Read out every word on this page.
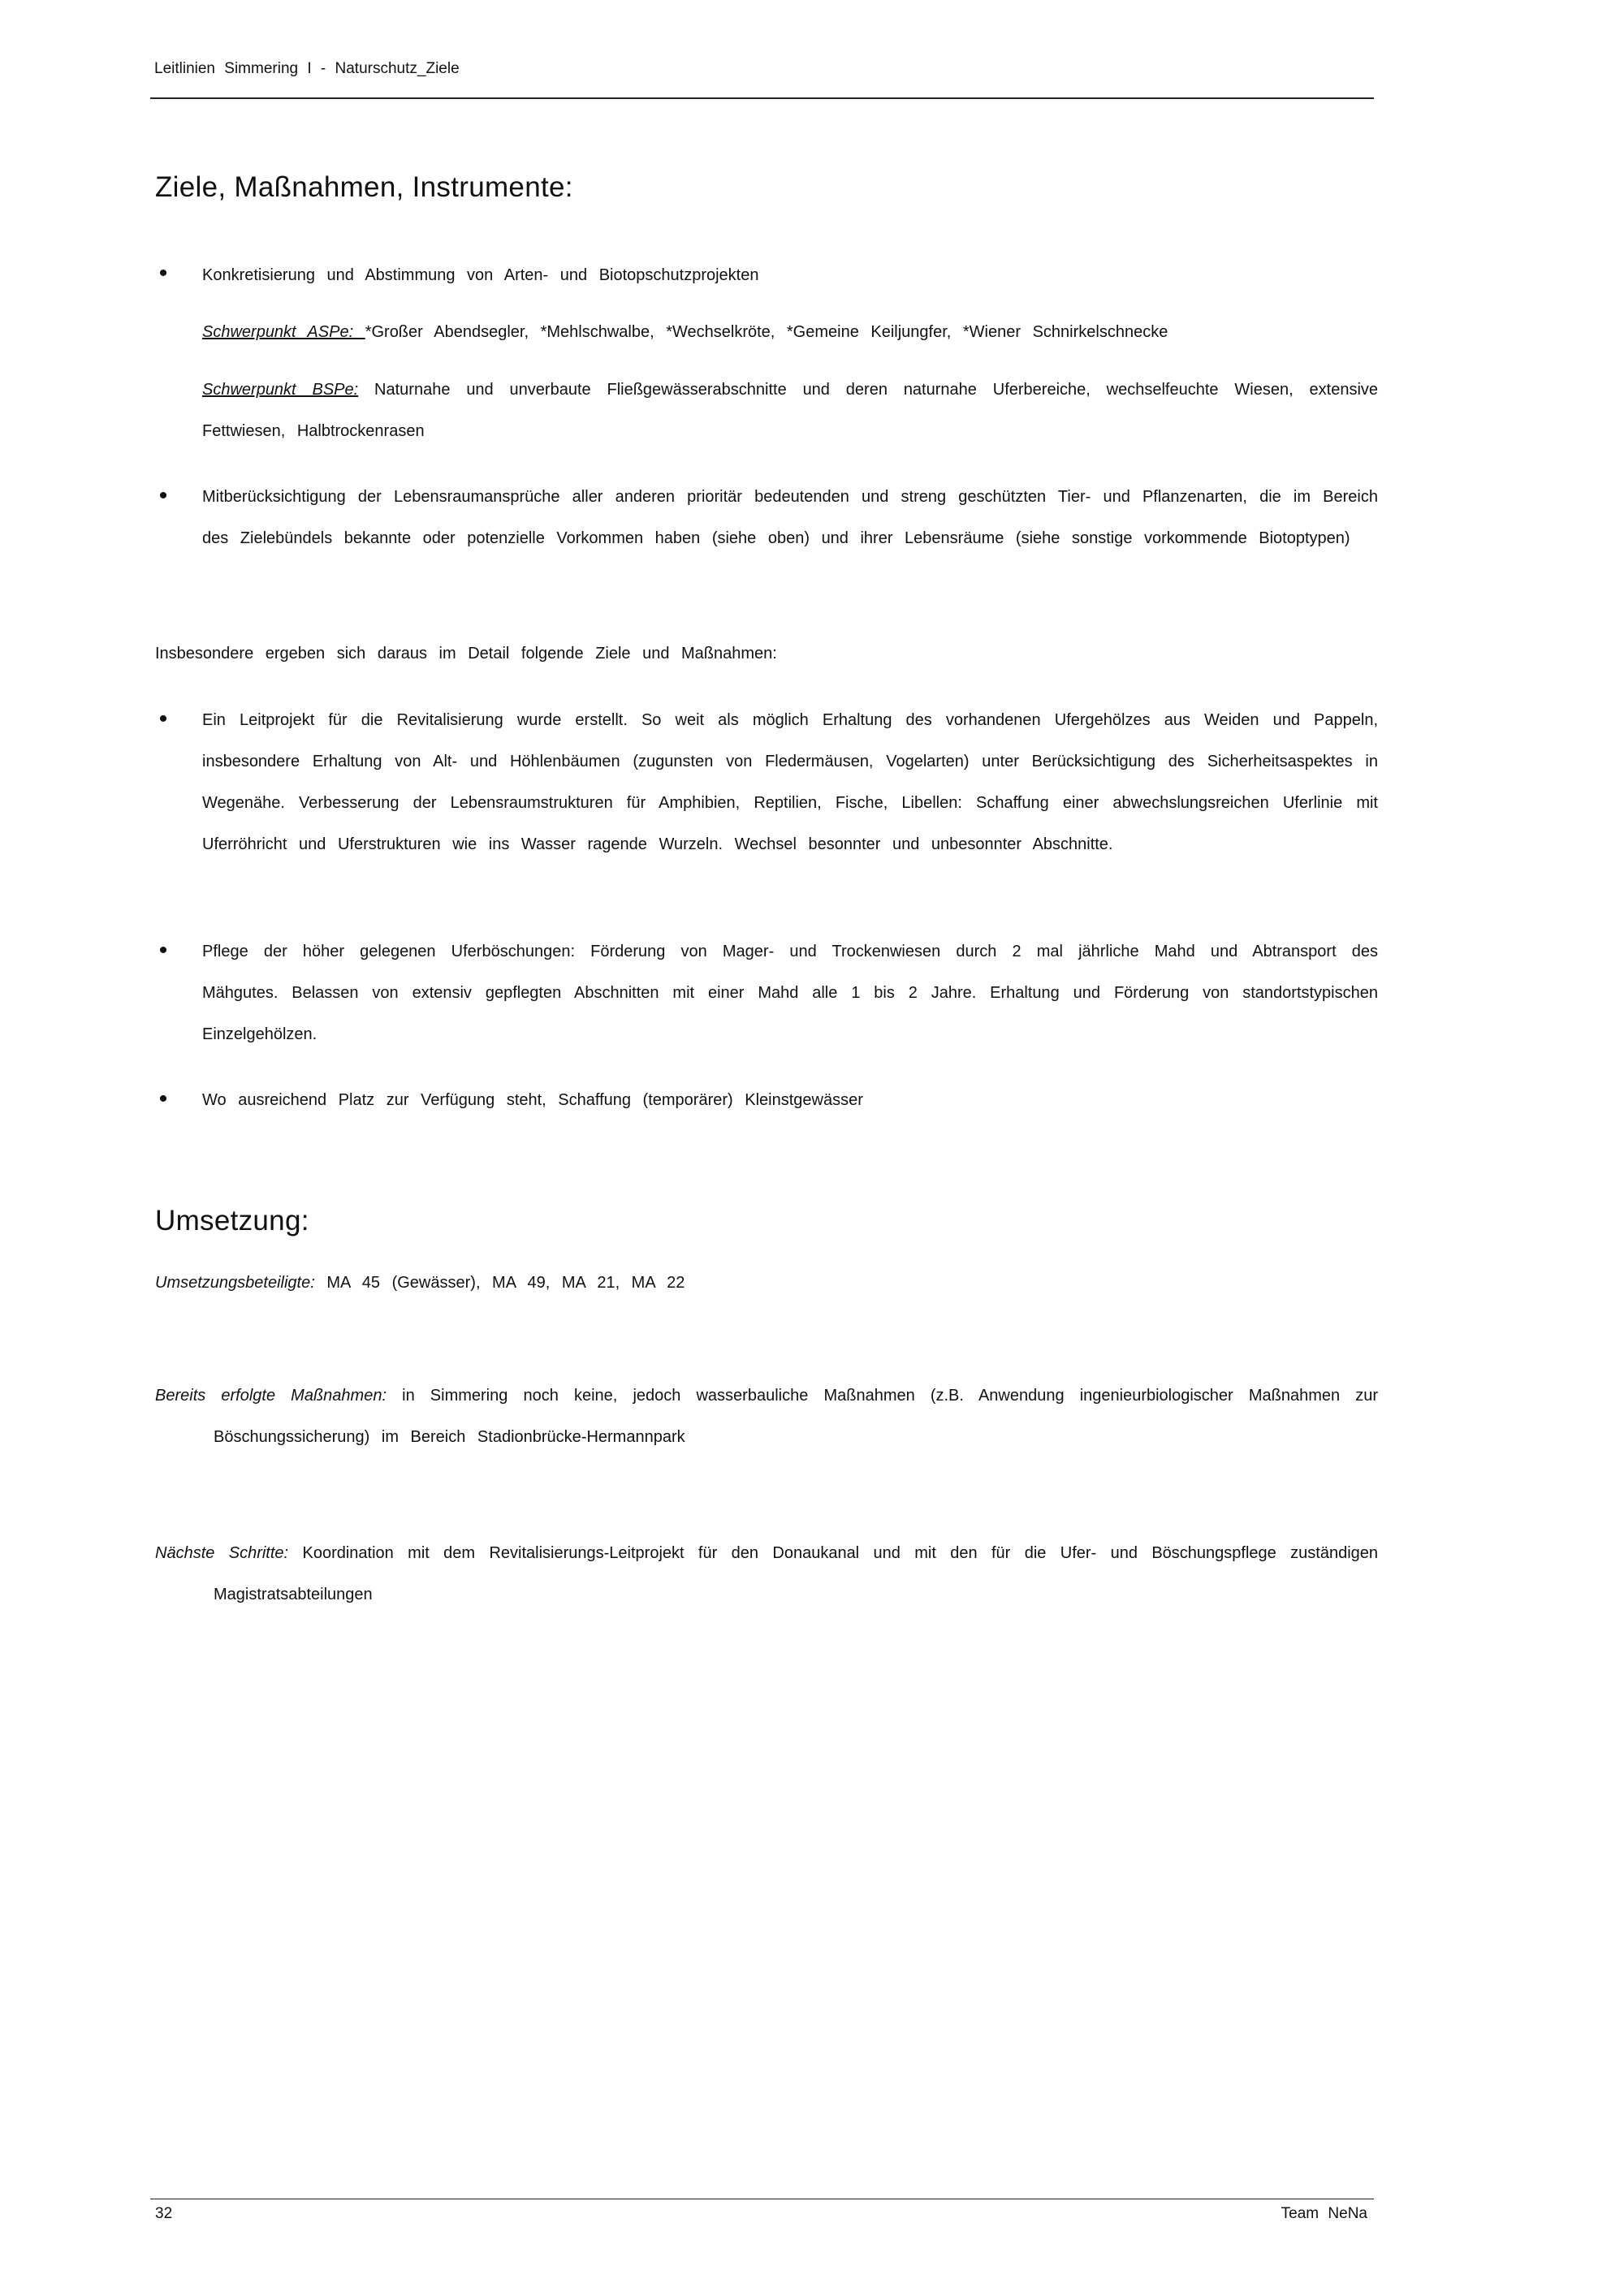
Leitlinien Simmering I - Naturschutz_Ziele
Ziele, Maßnahmen, Instrumente:
• Konkretisierung und Abstimmung von Arten- und Biotopschutzprojekten

Schwerpunkt ASPe: *Großer Abendsegler, *Mehlschwalbe, *Wechselkröte, *Gemeine Keiljungfer, *Wiener Schnirkelschnecke

Schwerpunkt BSPe: Naturnahe und unverbaute Fließgewässerabschnitte und deren naturnahe Uferbereiche, wechselfeuchte Wiesen, extensive Fettwiesen, Halbtrockenrasen

• Mitberücksichtigung der Lebensraumansprüche aller anderen prioritär bedeutenden und streng geschützten Tier- und Pflanzenarten, die im Bereich des Zielebündels bekannte oder potenzielle Vorkommen haben (siehe oben) und ihrer Lebensräume (siehe sonstige vorkommende Biotoptypen)

Insbesondere ergeben sich daraus im Detail folgende Ziele und Maßnahmen:

• Ein Leitprojekt für die Revitalisierung wurde erstellt. So weit als möglich Erhaltung des vorhandenen Ufergehölzes aus Weiden und Pappeln, insbesondere Erhaltung von Alt- und Höhlenbäumen (zugunsten von Fledermäusen, Vogelarten) unter Berücksichtigung des Sicherheitsaspektes in Wegenähe. Verbesserung der Lebensraumstrukturen für Amphibien, Reptilien, Fische, Libellen: Schaffung einer abwechslungsreichen Uferlinie mit Uferröhricht und Uferstrukturen wie ins Wasser ragende Wurzeln. Wechsel besonnter und unbesonnter Abschnitte.

• Pflege der höher gelegenen Uferböschungen: Förderung von Mager- und Trockenwiesen durch 2 mal jährliche Mahd und Abtransport des Mähgutes. Belassen von extensiv gepflegten Abschnitten mit einer Mahd alle 1 bis 2 Jahre. Erhaltung und Förderung von standortstypischen Einzelgehölzen.

• Wo ausreichend Platz zur Verfügung steht, Schaffung (temporärer) Kleinstgewässer

Umsetzung:

Umsetzungsbeteiligte: MA 45 (Gewässer), MA 49, MA 21, MA 22

Bereits erfolgte Maßnahmen: in Simmering noch keine, jedoch wasserbauliche Maßnahmen (z.B. Anwendung ingenieurbiologischer Maßnahmen zur Böschungssicherung) im Bereich Stadionbrücke-Hermannpark

Nächste Schritte: Koordination mit dem Revitalisierungs-Leitprojekt für den Donaukanal und mit den für die Ufer- und Böschungspflege zuständigen Magistratsabteilungen

32	Team NeNa
